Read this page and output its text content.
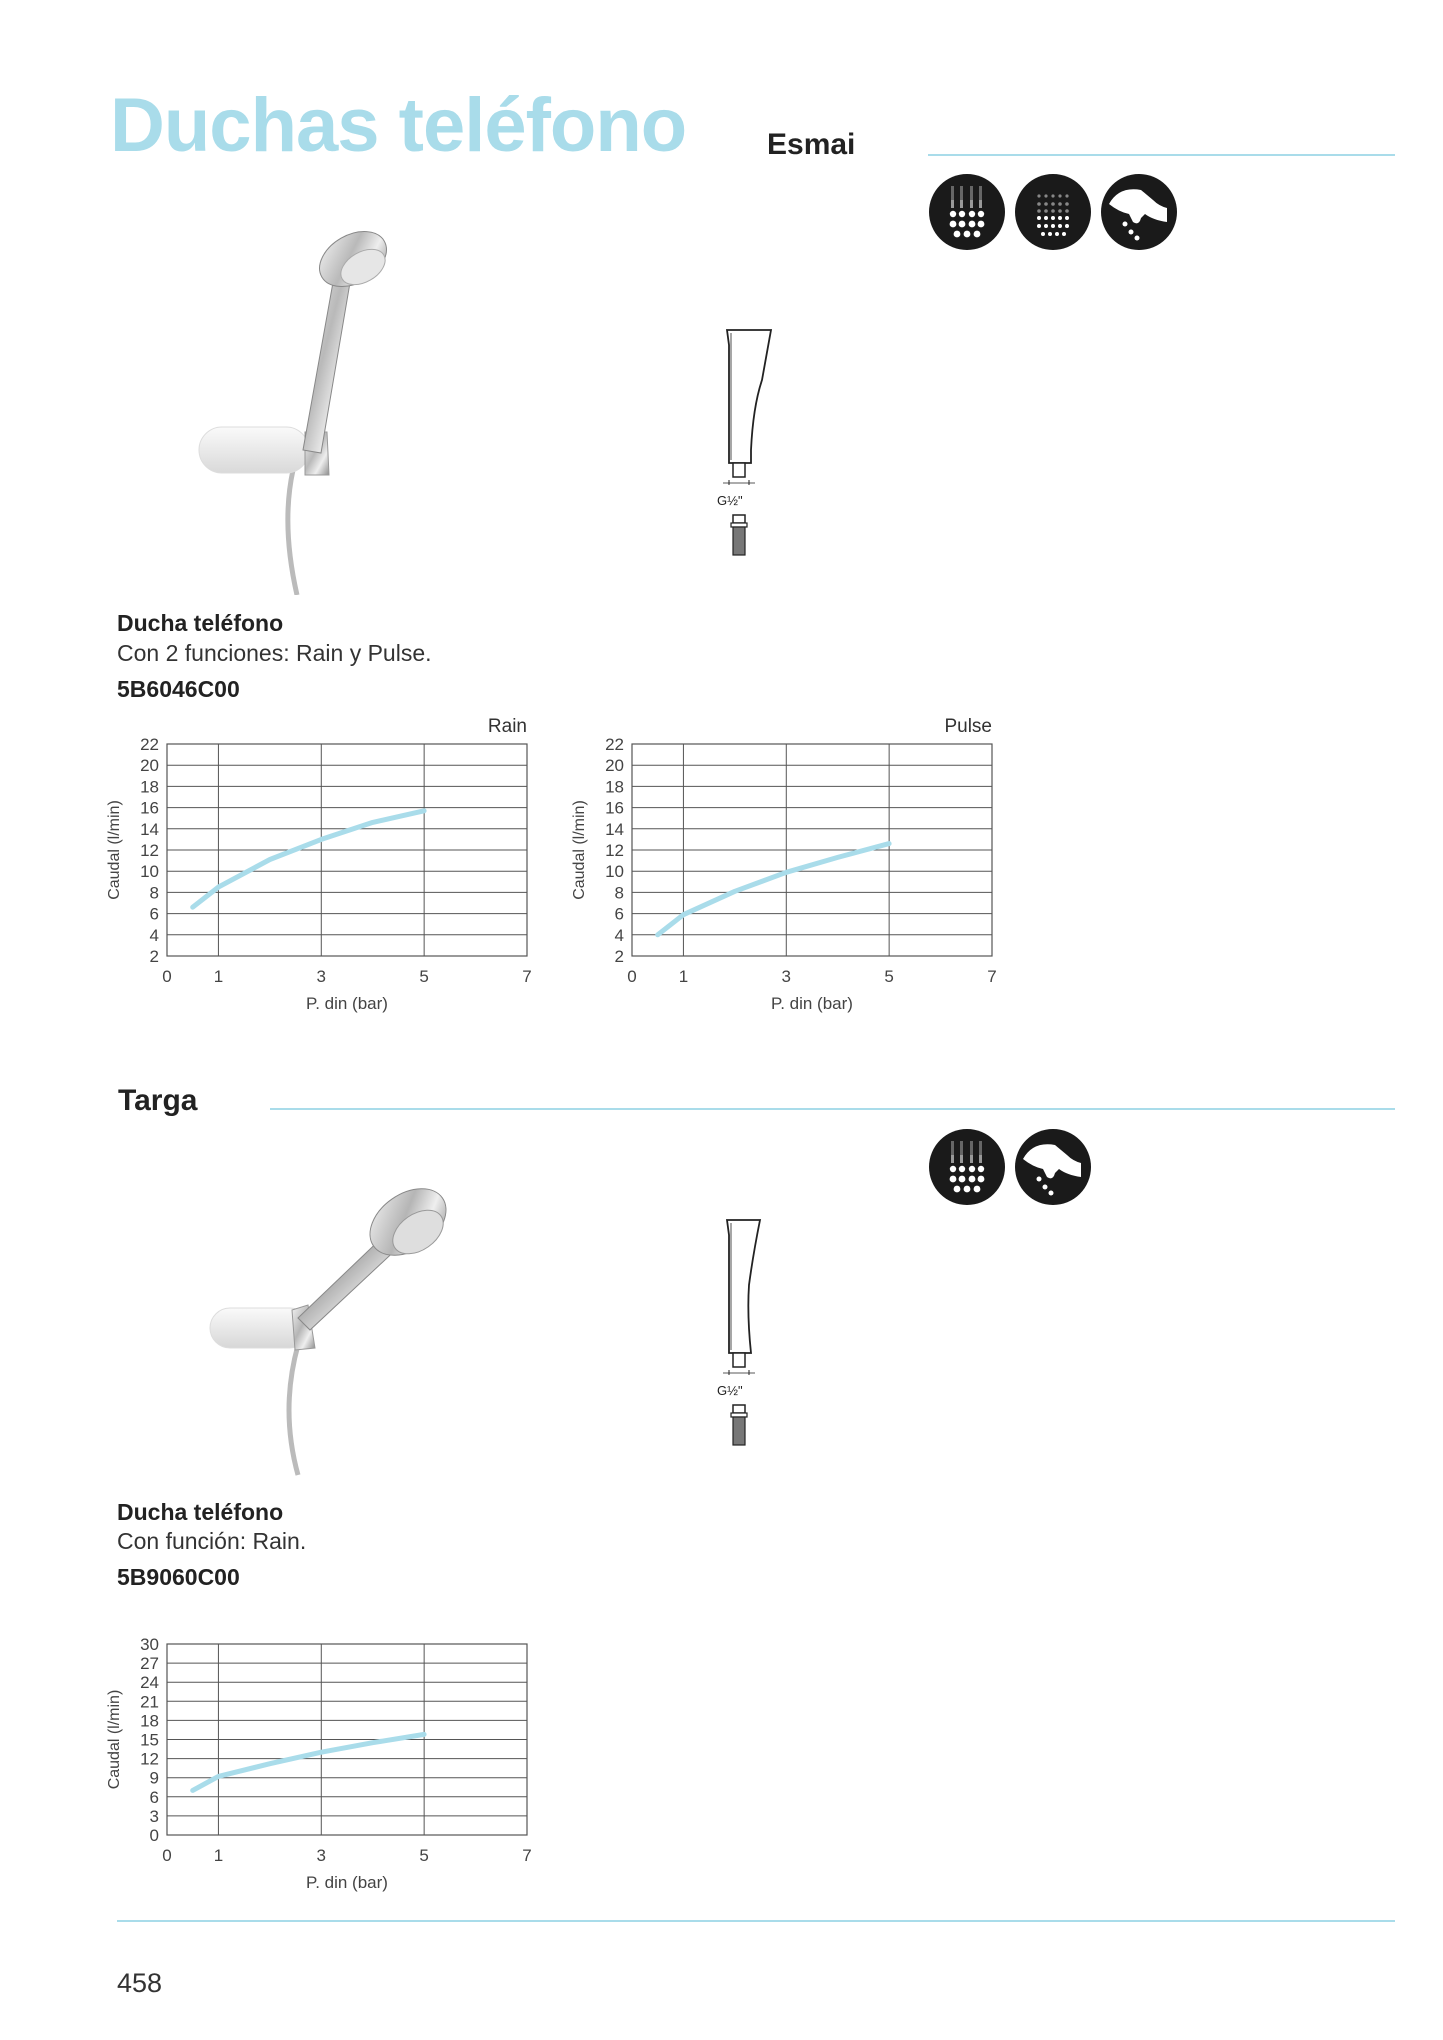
Duchas teléfono	Esmai
G½"
Ducha teléfono
Con 2 funciones: Rain y Pulse.
5B6046C00
2
4
6
8
10
12
14
16
18
20
22
0 1	3	5	7
Rain
P. din (bar)
Caudal (l/min)
2
4
6
8
10
12
14
16
18
20
22
0 1	3	5	7
Pulse
P. din (bar)
Caudal (l/min)
Targa
G½"
Ducha teléfono
Con función: Rain.
5B9060C00
0
3
6
9
12
15
18
21
24
27
30
0 1	3	5	7
P. din (bar)
Caudal (l/min)
458
